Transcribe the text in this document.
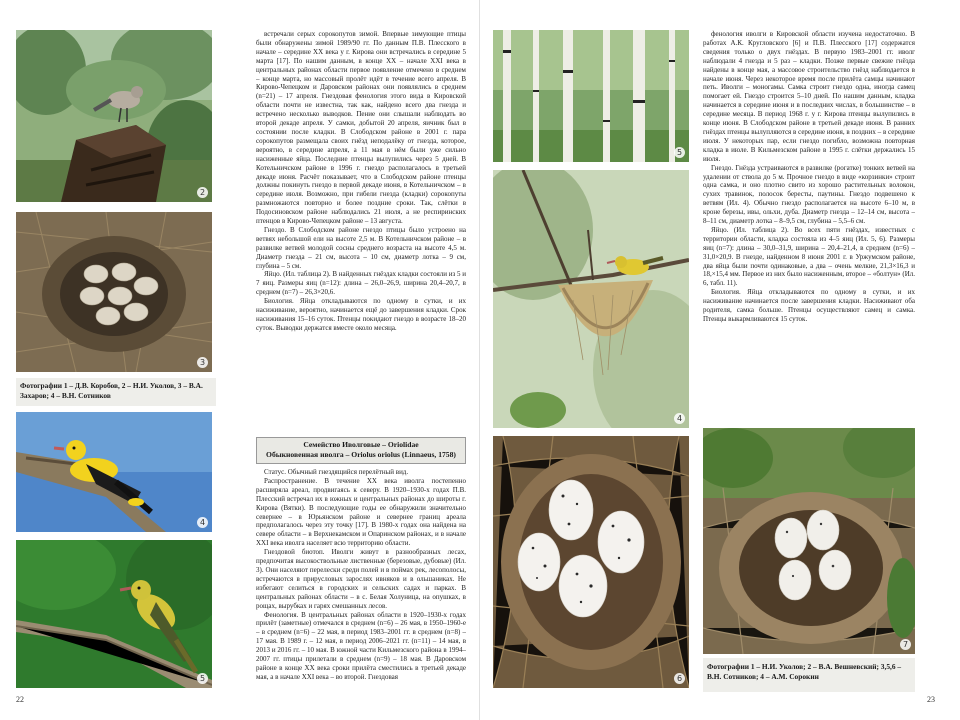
2
3
Фотографии 1 – Д.В. Коробов, 2 – Н.И. Уколов, 3 – В.А. Захаров; 4 – В.Н. Сотников
4
5

встречали серых сорокопутов зимой. Впервые зимующие птицы были обнаружены зимой 1989/90 гг. По данным П.В. Плесского в начале – середине XX века у г. Кирова они встречались в середине 5 марта [17]. По нашим данным, в конце XX – начале XXI века в центральных районах области первое появление отмечено в среднем – конце марта, но массовый пролёт идёт в течение всего апреля. В Кирово-Чепецком и Даровском районах они появлялись в среднем (n=21) – 17 апреля. Гнездовая фенология этого вида в Кировской области почти не известна, так как, найдено всего два гнезда и встречено несколько выводков. Пение они слышали наблюдать во второй декаде апреля. У самки, добытой 20 апреля, яичник был в состоянии после кладки. В Слободском районе в 2001 г. пара сорокопутов размещала своих гнёзд неподалёку от гнезда, которое, вероятно, в середине апреля, а 11 мая в нём были уже сильно насиженные яйца. Последние птенцы вылупились через 5 дней. В Котельничском районе в 1996 г. гнездо располагалось в третьей декаде июня. Расчёт показывает, что в Слободском районе птенцы должны покинуть гнездо в первой декаде июня, в Котельничском – в середине июля. Возможно, при гибели гнезда (кладки) сорокопуты размножаются повторно и более поздние сроки. Так, слётки в Подосиновском районе наблюдались 21 июля, а не респиринских птенцов в Кирово-Чепецком районе – 13 августа.

Гнездо. В Слободском районе гнездо птицы было устроено на ветвях небольшой ели на высоте 2,5 м. В Котельничском районе – в развилке ветвей молодой сосны среднего возраста на высоте 4,5 м. Диаметр гнезда – 21 см, высота – 10 см, диаметр лотка – 9 см, глубина – 5 см.

Яйцо. (Ил. таблица 2). В найденных гнёздах кладки состояли из 5 и 7 яиц. Размеры яиц (n=12): длина – 26,0–26,9, ширина 20,4–20,7, в среднем (n=7) – 26,3×20,6.

Биология. Яйца откладываются по одному в сутки, и их насиживание, вероятно, начинается ещё до завершения кладки. Срок насиживания 15–16 суток. Птенцы покидают гнездо в возрасте 18–20 суток. Выводки держатся вместе около месяца.

Семейство Иволговые – Oriolidae
Обыкновенная иволга – Oriolus oriolus (Linnaeus, 1758)

Статус. Обычный гнездящийся перелётный вид.

Распространение. В течение XX века иволга постепенно расширяла ареал, продвигаясь к северу. В 1920–1930-х годах П.В. Плесский встречал их в южных и центральных районах до широты г. Кирова (Вятки). В последующие годы ее обнаружили значительно севернее – в Юрьянском районе и севернее границ ареала предполагалось через эту точку [17]. В 1980-х годах она найдена на севере области – в Верхнекамском и Опаринском районах, и в начале XXI века иволга населяет всю территорию области.

Гнездовой биотоп. Иволги живут в разнообразных лесах, предпочитая высокоствольные лиственные (березовые, дубовые) (Ил. 3). Они населяют перелески среди полей и в поймах рек, лесополосы, встречаются в прирусловых зарослях ивняков и в ольшаниках. Не избегают селиться в городских и сельских садах и парках. В центральных районах области – в с. Белая Холуница, на опушках, в рощах, вырубках и гарях смешанных лесов.

Фенология. В центральных районах области в 1920–1930-х годах прилёт (заметные) отмечался в среднем (n=6) – 26 мая, в 1950–1960-е – в среднем (n=6) – 22 мая, в период 1983–2001 гг. в среднем (n=8) – 17 мая. В 1989 г. – 12 мая, в период 2006–2021 гг. (n=11) – 14 мая, в 2013 и 2016 гг. – 10 мая. В южной части Кильмезского района в 1994–2007 гг. птицы прилетали в среднем (n=9) – 18 мая. В Даровском районе в конце XX века сроки прилёта сместились в третьей декаде мая, а в начале XXI века – во второй. Гнездовая

22
5
4
6
7
Фотографии 1 – Н.И. Уколов; 2 – В.А. Вешневский; 3,5,6 – В.Н. Сотников; 4 – А.М. Сорокин

фенология иволги в Кировской области изучена недостаточно. В работах А.К. Кругловского [6] и П.В. Плесского [17] содержатся сведения только о двух гнёздах. В первую 1983–2001 гг. иволг наблюдали 4 гнезда и 5 раз – кладки. Позже первые свежие гнёзда найдены в конце мая, а массовое строительство гнёзд наблюдается в начале июня. Через некоторое время после прилёта самцы начинают петь. Иволги – моногамы. Самка строит гнездо одна, иногда самец помогает ей. Гнездо строится 5–10 дней. По нашим данным, кладка начинается в середине июня и в последних числах, в большинстве – в середине месяца. В период 1968 г. у г. Кирова птенцы вылупились в конце июня. В Слободском районе в третьей декаде июня. В ранних гнёздах птенцы вылупляются в середине июня, в поздних – в середине июля. У некоторых пар, если гнездо погибло, возможна повторная кладка в июле. В Кильмезском районе в 1995 г. слётки держались 15 июля.

Гнездо. Гнёзда устраиваются в развилке (рогатке) тонких ветвей на удалении от ствола до 5 м. Прочное гнездо в виде «корзинки» строит одна самка, и оно плотно свито из хорошо растительных волокон, сухих травинок, полосок бересты, паутины. Гнездо подвешено к ветвям (Ил. 4). Обычно гнездо располагается на высоте 6–10 м, в кроне березы, ивы, ольхи, дуба. Диаметр гнезда – 12–14 см, высота – 8–11 см, диаметр лотка – 8–9,5 см, глубина – 5,5–6 см.

Яйцо. (Ил. таблица 2). Во всех пяти гнёздах, известных с территории области, кладка состояла из 4–5 яиц (Ил. 5, 6). Размеры яиц (n=7): длина – 30,0–31,9, ширина – 20,4–21,4, в среднем (n=6) – 31,0×20,9. В гнезде, найденном 8 июня 2001 г. в Уржумском районе, два яйца были почти одинаковые, а два – очень мелкие, 21,3×16,3 и 18,×15,4 мм. Первое из них было насиженным, второе – «болтун» (Ил. 6, табл. 11).

Биология. Яйца откладываются по одному в сутки, и их насиживание начинается после завершения кладки. Насиживают оба родителя, самка больше. Птенцы осуществляют самец и самка. Птенцы выкармливаются 15 суток.

23
